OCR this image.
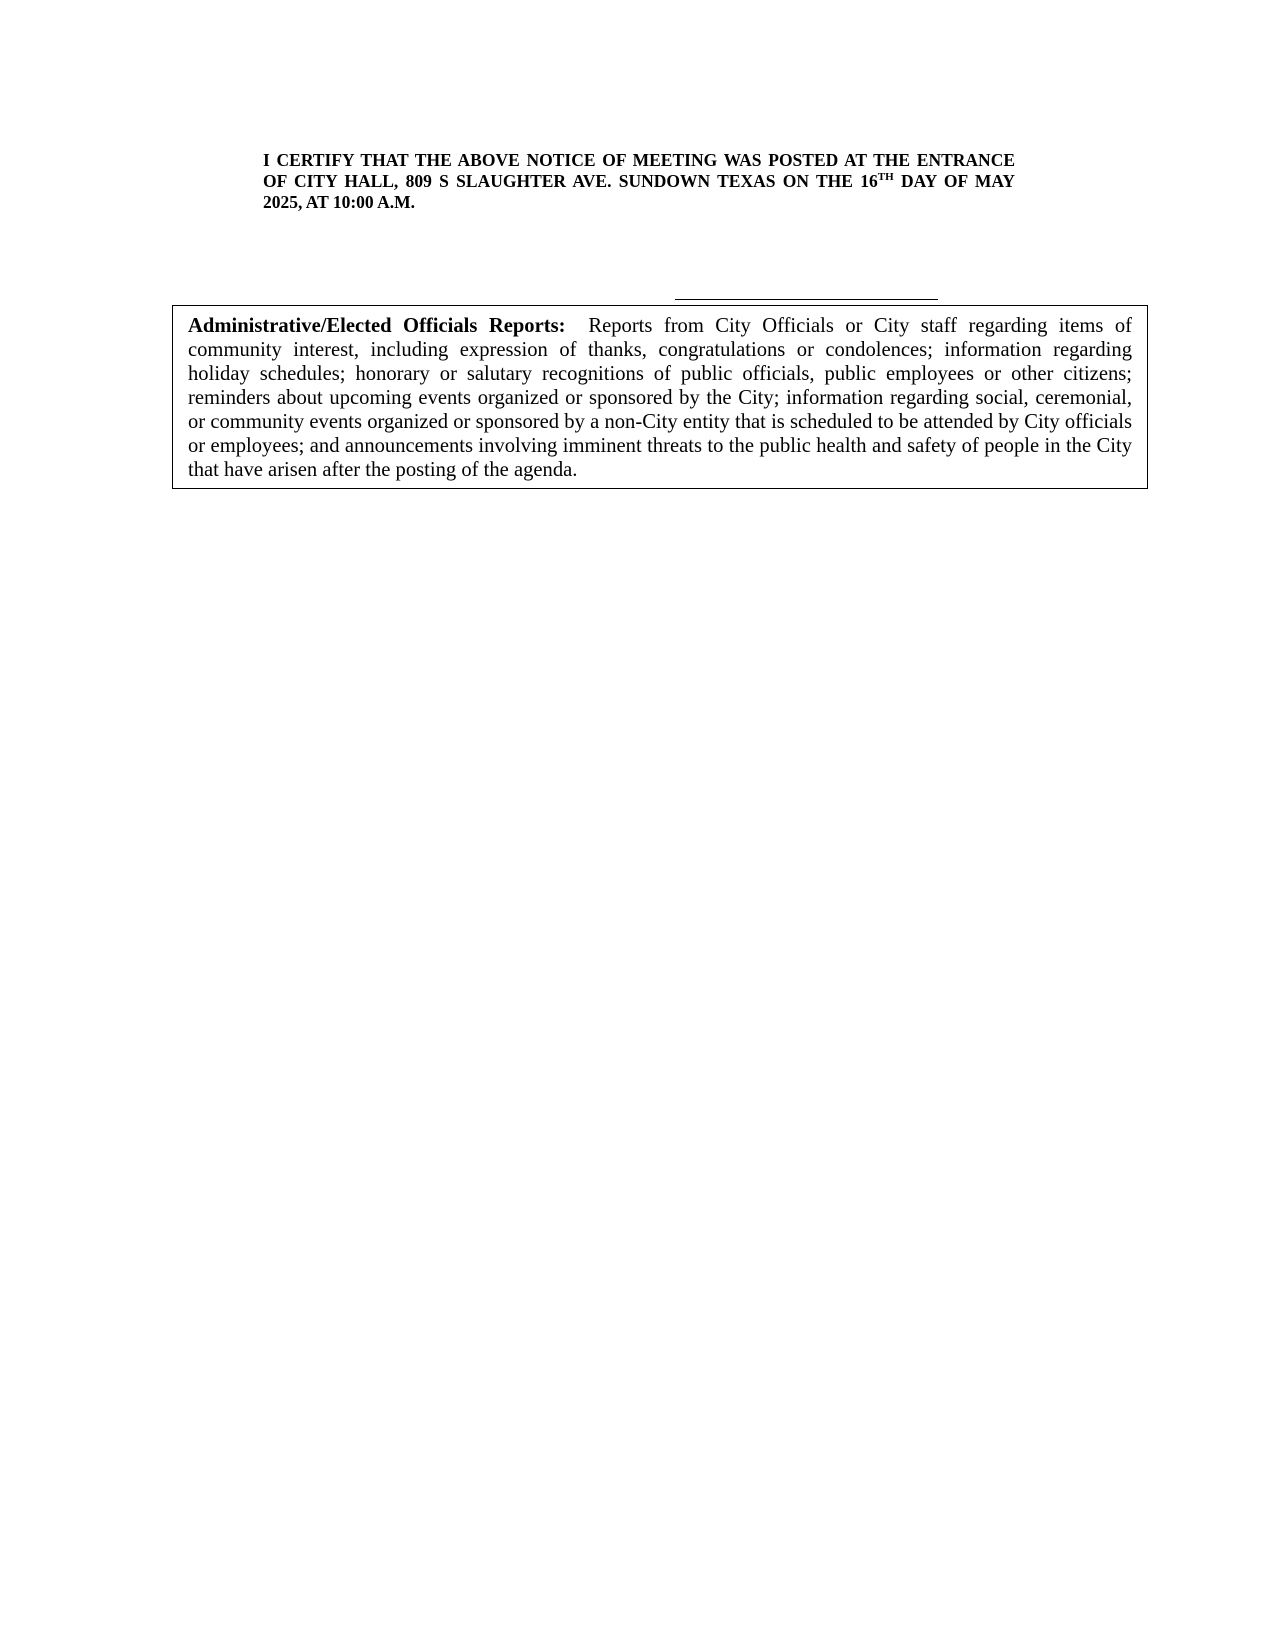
I CERTIFY THAT THE ABOVE NOTICE OF MEETING WAS POSTED AT THE ENTRANCE OF CITY HALL, 809 S SLAUGHTER AVE. SUNDOWN TEXAS ON THE 16TH DAY OF MAY 2025, AT 10:00 A.M.

Administrative/Elected Officials Reports: Reports from City Officials or City staff regarding items of community interest, including expression of thanks, congratulations or condolences; information regarding holiday schedules; honorary or salutary recognitions of public officials, public employees or other citizens; reminders about upcoming events organized or sponsored by the City; information regarding social, ceremonial, or community events organized or sponsored by a non-City entity that is scheduled to be attended by City officials or employees; and announcements involving imminent threats to the public health and safety of people in the City that have arisen after the posting of the agenda.
